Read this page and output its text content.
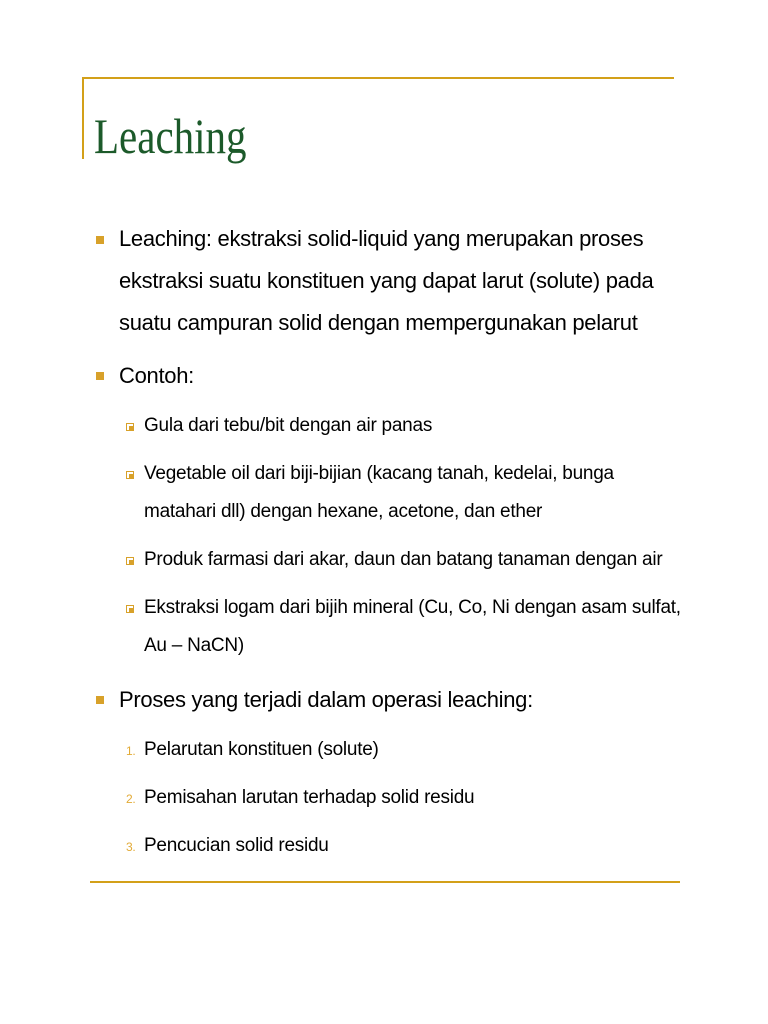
Leaching
Leaching: ekstraksi solid-liquid yang merupakan proses ekstraksi suatu konstituen yang dapat larut (solute) pada suatu campuran solid dengan mempergunakan pelarut
Contoh:
Gula dari tebu/bit dengan air panas
Vegetable oil dari biji-bijian (kacang tanah, kedelai, bunga matahari dll) dengan hexane, acetone, dan ether
Produk farmasi dari akar, daun dan batang tanaman dengan air
Ekstraksi logam dari bijih mineral (Cu, Co, Ni dengan asam sulfat, Au – NaCN)
Proses yang terjadi dalam operasi leaching:
1. Pelarutan konstituen (solute)
2. Pemisahan larutan terhadap solid residu
3. Pencucian solid residu
